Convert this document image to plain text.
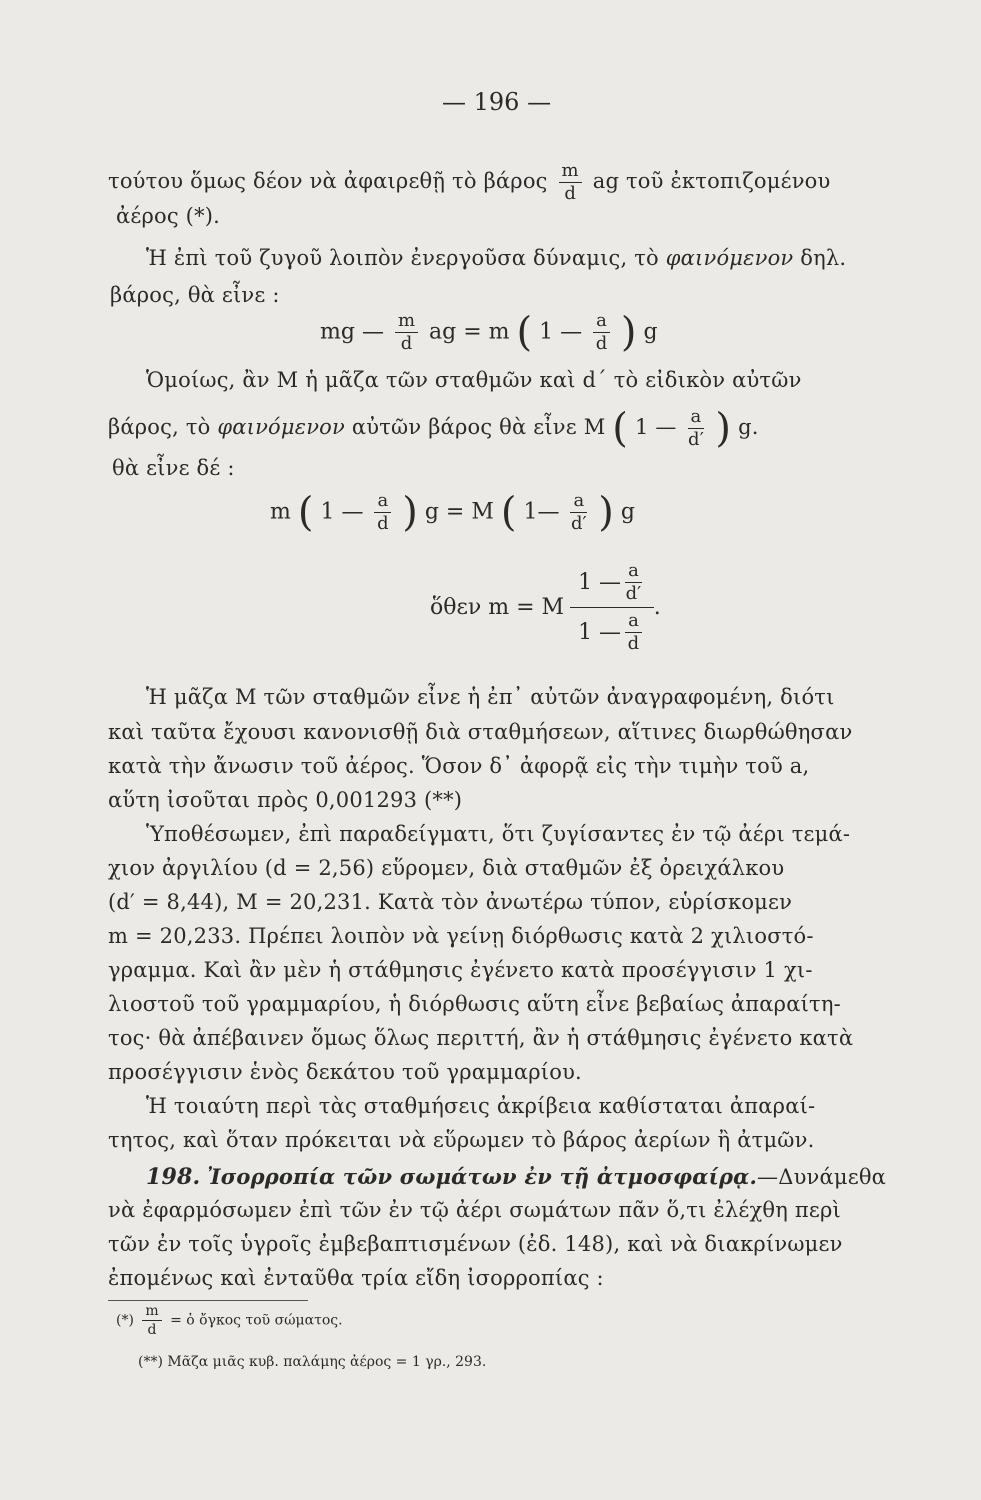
— 196 —
τούτου ὅμως δέον νὰ ἀφαιρεθῇ τὸ βάρος $\frac{m}{d}$ ag τοῦ ἐκτοπιζομένου
ἀέρος (*).
Ἡ ἐπὶ τοῦ ζυγοῦ λοιπὸν ἐνεργοῦσα δύναμις, τὸ φαινόμενον δηλ.
βάρος, θὰ εἶνε :
mg — $\frac{m}{d}$ ag = m ( 1 — $\frac{a}{d}$ ) g
Ὁμοίως, ἂν M ἡ μᾶζα τῶν σταθμῶν καὶ d΄ τὸ εἰδικὸν αὐτῶν
βάρος, τὸ φαινόμενον αὐτῶν βάρος θὰ εἶνε M ( 1 — $\frac{a}{d'}$ ) g.
θὰ εἶνε δέ :
m ( 1 — $\frac{a}{d}$ ) g = M ( 1— $\frac{a}{d'}$ ) g
ὅθεν m = M $\frac{1 — \frac{a}{d'}}{1 — \frac{a}{d}}$ .
Ἡ μᾶζα M τῶν σταθμῶν εἶνε ἡ ἐπ᾽ αὐτῶν ἀναγραφομένη, διότι
καὶ ταῦτα ἔχουσι κανονισθῇ διὰ σταθμήσεων, αἵτινες διωρθώθησαν
κατὰ τὴν ἄνωσιν τοῦ ἀέρος. Ὅσον δ᾽ ἀφορᾷ εἰς τὴν τιμὴν τοῦ a,
αὕτη ἰσοῦται πρὸς 0,001293 (**)
Ὑποθέσωμεν, ἐπὶ παραδείγματι, ὅτι ζυγίσαντες ἐν τῷ ἀέρι τεμά-
χιον ἀργιλίου (d = 2,56) εὕρομεν, διὰ σταθμῶν ἐξ ὀρειχάλκου
(d′ = 8,44), M = 20,231. Κατὰ τὸν ἀνωτέρω τύπον, εὑρίσκομεν
m = 20,233. Πρέπει λοιπὸν νὰ γείνῃ διόρθωσις κατὰ 2 χιλιοστό-
γραμμα. Καὶ ἂν μὲν ἡ στάθμησις ἐγένετο κατὰ προσέγγισιν 1 χι-
λιοστοῦ τοῦ γραμμαρίου, ἡ διόρθωσις αὕτη εἶνε βεβαίως ἀπαραίτη-
τος· θὰ ἀπέβαινεν ὅμως ὅλως περιττή, ἂν ἡ στάθμησις ἐγένετο κατὰ
προσέγγισιν ἑνὸς δεκάτου τοῦ γραμμαρίου.
Ἡ τοιαύτη περὶ τὰς σταθμήσεις ἀκρίβεια καθίσταται ἀπαραί-
τητος, καὶ ὅταν πρόκειται νὰ εὕρωμεν τὸ βάρος ἀερίων ἢ ἀτμῶν.
198. Ἰσορροπία τῶν σωμάτων ἐν τῇ ἀτμοσφαίρᾳ.—Δυνάμεθα
νὰ ἐφαρμόσωμεν ἐπὶ τῶν ἐν τῷ ἀέρι σωμάτων πᾶν ὅ,τι ἐλέχθη περὶ
τῶν ἐν τοῖς ὑγροῖς ἐμβεβαπτισμένων (ἐδ. 148), καὶ νὰ διακρίνωμεν
ἐπομένως καὶ ἐνταῦθα τρία εἴδη ἰσορροπίας :
(*) $\frac{m}{d}$ = ὁ ὄγκος τοῦ σώματος.
(**) Μᾶζα μιᾶς κυβ. παλάμης ἀέρος = 1 γρ., 293.
